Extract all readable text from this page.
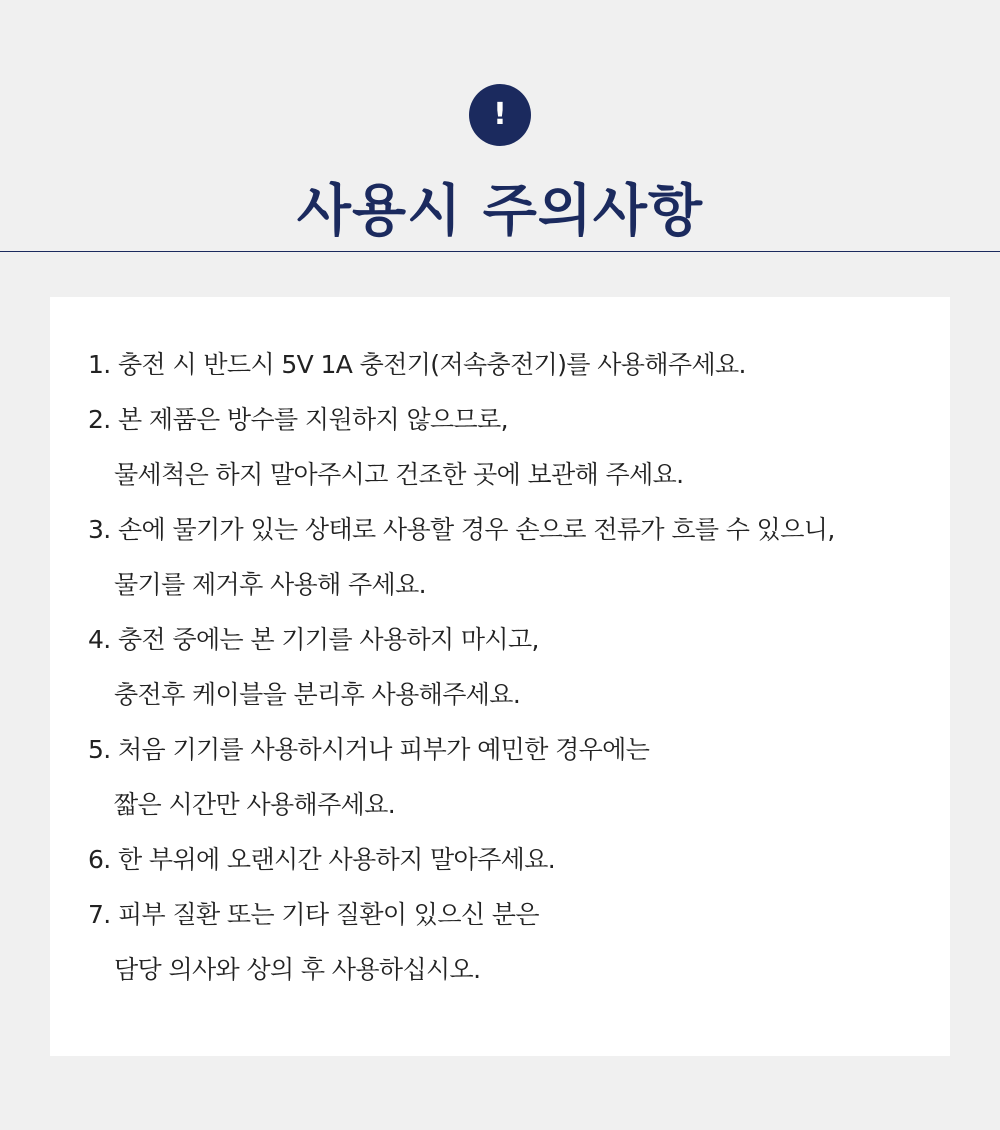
!
사용시 주의사항
1. 충전 시 반드시 5V 1A 충전기(저속충전기)를 사용해주세요.
2. 본 제품은 방수를 지원하지 않으므로,
물세척은 하지 말아주시고 건조한 곳에 보관해 주세요.
3. 손에 물기가 있는 상태로 사용할 경우 손으로 전류가 흐를 수 있으니,
물기를 제거후 사용해 주세요.
4. 충전 중에는 본 기기를 사용하지 마시고,
충전후 케이블을 분리후 사용해주세요.
5. 처음 기기를 사용하시거나 피부가 예민한 경우에는
짧은 시간만 사용해주세요.
6. 한 부위에 오랜시간 사용하지 말아주세요.
7. 피부 질환 또는 기타 질환이 있으신 분은
담당 의사와 상의 후 사용하십시오.
